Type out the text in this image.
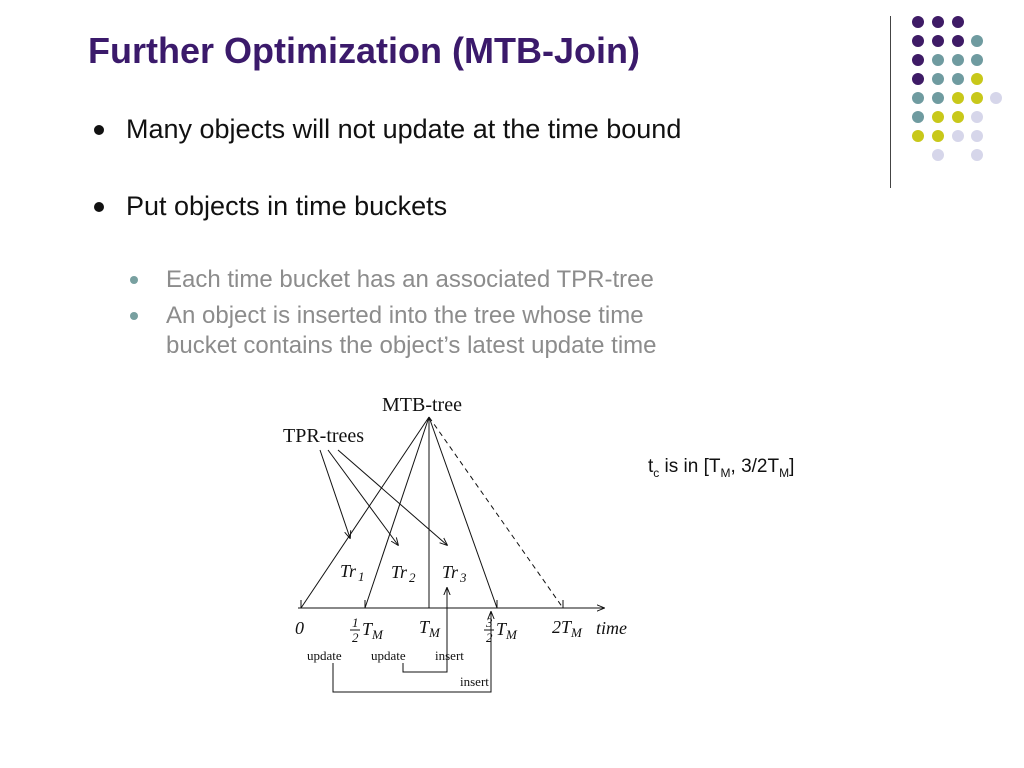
Further Optimization (MTB-Join)
Many objects will not update at the time bound
Put objects in time buckets
Each time bucket has an associated TPR-tree
An object is inserted into the tree whose time
bucket contains the object’s latest update time
$t_c$ is in [$T_M$, $3/2T_M$]
MTB-tree
TPR-trees
Tr $_1$ Tr $_2$ Tr $_3$
0	1
2 $T_M$ $T_M$
3
2 $T_M$ $2T_M$ time
update update insert
insert
